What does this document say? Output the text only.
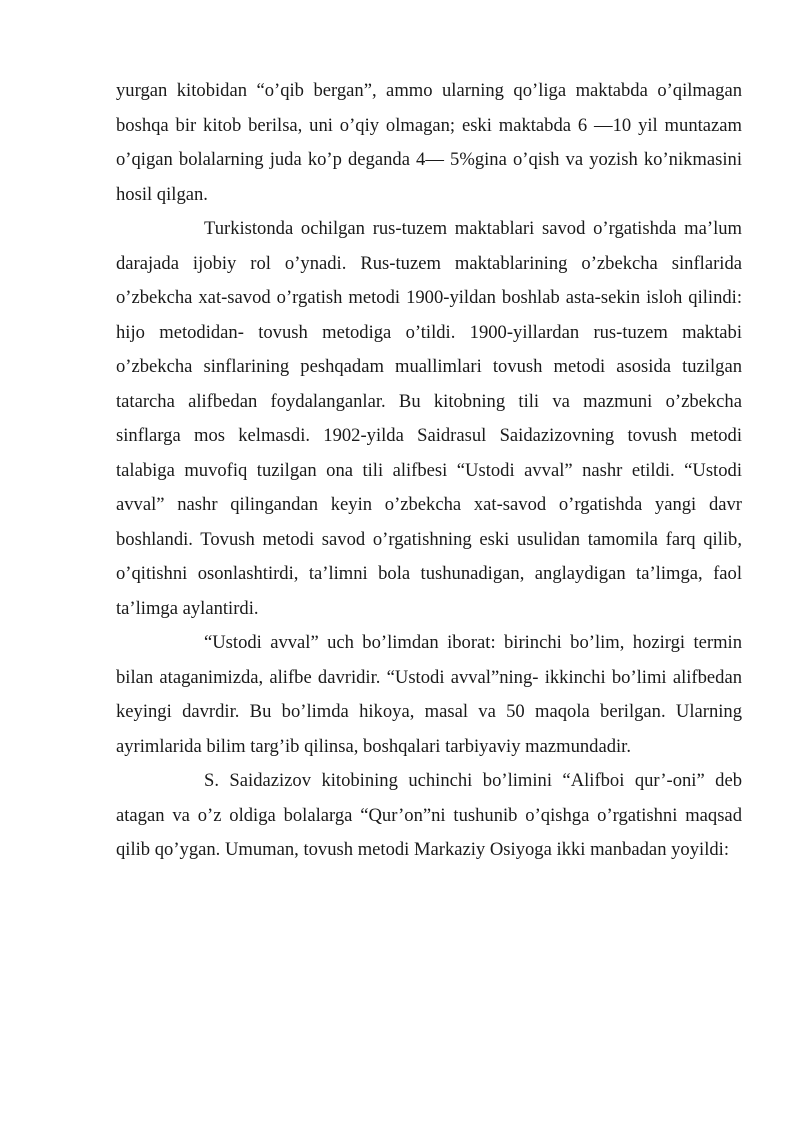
yurgan kitobidan “o’qib bergan”, ammo ularning qo’liga maktabda o’qilmagan boshqa bir kitob berilsa, uni o’qiy olmagan; eski maktabda 6 —10 yil muntazam o’qigan bolalarning juda ko’p deganda 4— 5%gina o’qish va yozish ko’nikmasini hosil qilgan.

Turkistonda ochilgan rus-tuzem maktablari savod o’rgatishda ma’lum darajada ijobiy rol o’ynadi. Rus-tuzem maktablarining o’zbekcha sinflarida o’zbekcha xat-savod o’rgatish metodi 1900-yildan boshlab asta-sekin isloh qilindi: hijo metodidan- tovush metodiga o’tildi. 1900-yillardan rus-tuzem maktabi o’zbekcha sinflarining peshqadam muallimlari tovush metodi asosida tuzilgan tatarcha alifbedan foydalanganlar. Bu kitobning tili va mazmuni o’zbekcha sinflarga mos kelmasdi. 1902-yilda Saidrasul Saidazizovning tovush metodi talabiga muvofiq tuzilgan ona tili alifbesi “Ustodi avval” nashr etildi. “Ustodi avval” nashr qilingandan keyin o’zbekcha xat-savod o’rgatishda yangi davr boshlandi. Tovush metodi savod o’rgatishning eski usulidan tamomila farq qilib, o’qitishni osonlashtirdi, ta’limni bola tushunadigan, anglaydigan ta’limga, faol ta’limga aylantirdi.

“Ustodi avval” uch bo’limdan iborat: birinchi bo’lim, hozirgi termin bilan ataganimizda, alifbe davridir. “Ustodi avval”ning- ikkinchi bo’limi alifbedan keyingi davrdir. Bu bo’limda hikoya, masal va 50 maqola berilgan. Ularning ayrimlarida bilim targ’ib qilinsa, boshqalari tarbiyaviy mazmundadir.

S. Saidazizov kitobining uchinchi bo’limini “Alifboi qur’-oni” deb atagan va o’z oldiga bolalarga “Qur’on”ni tushunib o’qishga o’rgatishni maqsad qilib qo’ygan. Umuman, tovush metodi Markaziy Osiyoga ikki manbadan yoyildi:
